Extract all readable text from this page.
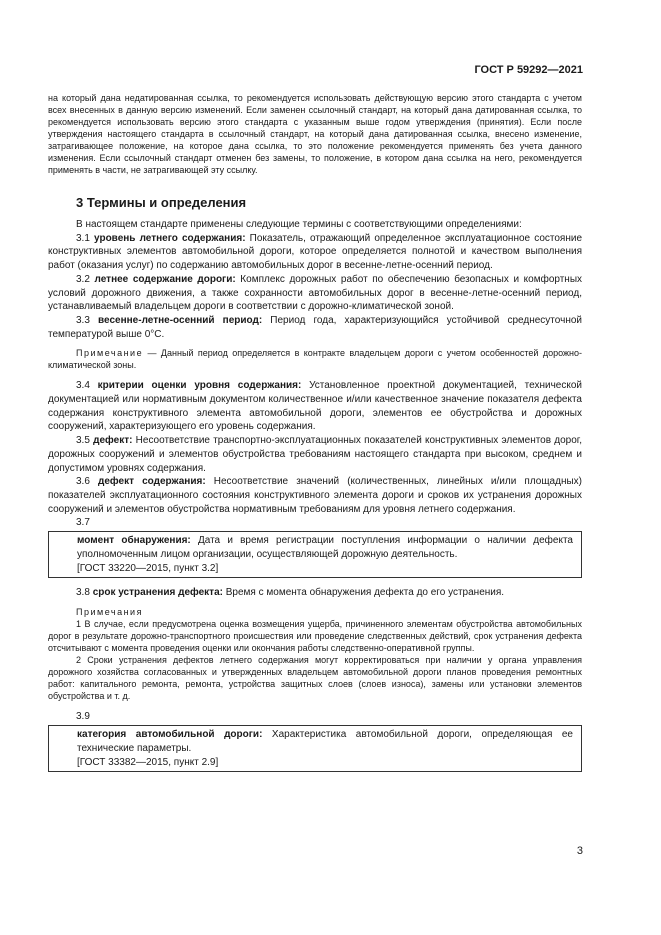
ГОСТ Р 59292—2021

на который дана недатированная ссылка, то рекомендуется использовать действующую версию этого стандарта с учетом всех внесенных в данную версию изменений. Если заменен ссылочный стандарт, на который дана датированная ссылка, то рекомендуется использовать версию этого стандарта с указанным выше годом утверждения (принятия). Если после утверждения настоящего стандарта в ссылочный стандарт, на который дана датированная ссылка, внесено изменение, затрагивающее положение, на которое дана ссылка, то это положение рекомендуется применять без учета данного изменения. Если ссылочный стандарт отменен без замены, то положение, в котором дана ссылка на него, рекомендуется применять в части, не затрагивающей эту ссылку.

3 Термины и определения

В настоящем стандарте применены следующие термины с соответствующими определениями:

3.1 уровень летнего содержания: Показатель, отражающий определенное эксплуатационное состояние конструктивных элементов автомобильной дороги, которое определяется полнотой и качеством выполнения работ (оказания услуг) по содержанию автомобильных дорог в весенне-летне-осенний период.

3.2 летнее содержание дороги: Комплекс дорожных работ по обеспечению безопасных и комфортных условий дорожного движения, а также сохранности автомобильных дорог в весенне-летне-осенний период, устанавливаемый владельцем дороги в соответствии с дорожно-климатической зоной.

3.3 весенне-летне-осенний период: Период года, характеризующийся устойчивой среднесуточной температурой выше 0°С.

Примечание — Данный период определяется в контракте владельцем дороги с учетом особенностей дорожно-климатической зоны.

3.4 критерии оценки уровня содержания: Установленное проектной документацией, технической документацией или нормативным документом количественное и/или качественное значение показателя дефекта содержания конструктивного элемента автомобильной дороги, элементов ее обустройства и дорожных сооружений, характеризующего его уровень содержания.

3.5 дефект: Несоответствие транспортно-эксплуатационных показателей конструктивных элементов дорог, дорожных сооружений и элементов обустройства требованиям настоящего стандарта при высоком, среднем и допустимом уровнях содержания.

3.6 дефект содержания: Несоответствие значений (количественных, линейных и/или площадных) показателей эксплуатационного состояния конструктивного элемента дороги и сроков их устранения дорожных сооружений и элементов обустройства нормативным требованиям для уровня летнего содержания.

3.7

момент обнаружения: Дата и время регистрации поступления информации о наличии дефекта уполномоченным лицом организации, осуществляющей дорожную деятельность.

[ГОСТ 33220—2015, пункт 3.2]

3.8 срок устранения дефекта: Время с момента обнаружения дефекта до его устранения.

Примечания

1 В случае, если предусмотрена оценка возмещения ущерба, причиненного элементам обустройства автомобильных дорог в результате дорожно-транспортного происшествия или проведение следственных действий, срок устранения дефекта отсчитывают с момента проведения оценки или окончания работы следственно-оперативной группы.

2 Сроки устранения дефектов летнего содержания могут корректироваться при наличии у органа управления дорожного хозяйства согласованных и утвержденных владельцем автомобильной дороги планов проведения ремонтных работ: капитального ремонта, ремонта, устройства защитных слоев (слоев износа), замены или установки элементов обустройства и т. д.

3.9

категория автомобильной дороги: Характеристика автомобильной дороги, определяющая ее технические параметры.

[ГОСТ 33382—2015, пункт 2.9]

3
